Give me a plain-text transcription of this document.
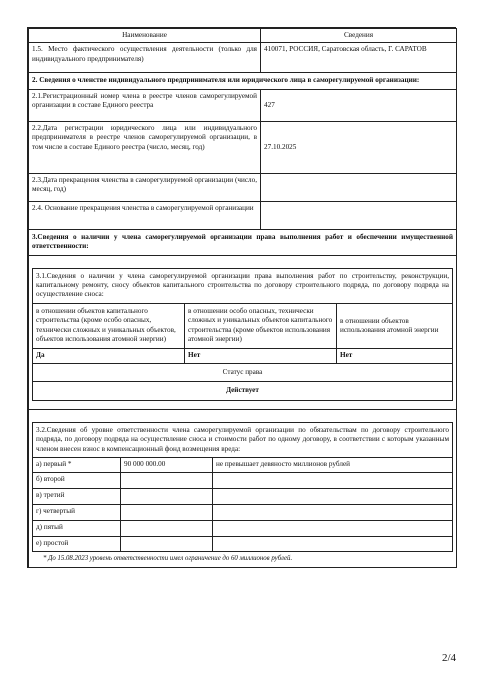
Наименование	Сведения
1.5. Место фактического осуществления деятельности (только для индивидуального предпринимателя)	410071, РОССИЯ, Саратовская область, Г. САРАТОВ
2. Сведения о членстве индивидуального предпринимателя или юридического лица в саморегулируемой организации:
2.1.Регистрационный номер члена в реестре членов саморегулируемой организации в составе Единого реестра	427
2.2.Дата регистрации юридического лица или индивидуального предпринимателя в реестре членов саморегулируемой организации, в том числе в составе Единого реестра (число, месяц, год)	27.10.2025
2.3.Дата прекращения членства в саморегулируемой организации (число, месяц, год)	
2.4. Основание прекращения членства в саморегулируемой организации	
3.Сведения о наличии у члена саморегулируемой организации права выполнения работ и обеспечении имущественной ответственности:

3.1.Сведения о наличии у члена саморегулируемой организации права выполнения работ по строительству, реконструкции, капитальному ремонту, сносу объектов капитального строительства по договору строительного подряда, по договору подряда на осуществление сноса:
в отношении объектов капитального строительства (кроме особо опасных, технически сложных и уникальных объектов, объектов использования атомной энергии)	в отношении особо опасных, технически сложных и уникальных объектов капитального строительства (кроме объектов использования атомной энергии)	в отношении объектов использования атомной энергии
Да	Нет	Нет
Статус права
Действует

3.2.Сведения об уровне ответственности члена саморегулируемой организации по обязательствам по договору строительного подряда, по договору подряда на осуществление сноса и стоимости работ по одному договору, в соответствии с которым указанным членом внесен взнос в компенсационный фонд возмещения вреда:
а) первый *	90 000 000.00	не превышает девяносто миллионов рублей
б) второй		
в) третий		
г) четвертый		
д) пятый		
е) простой		
* До 15.08.2023 уровень ответственности имел ограничение до 60 миллионов рублей.
2/4
